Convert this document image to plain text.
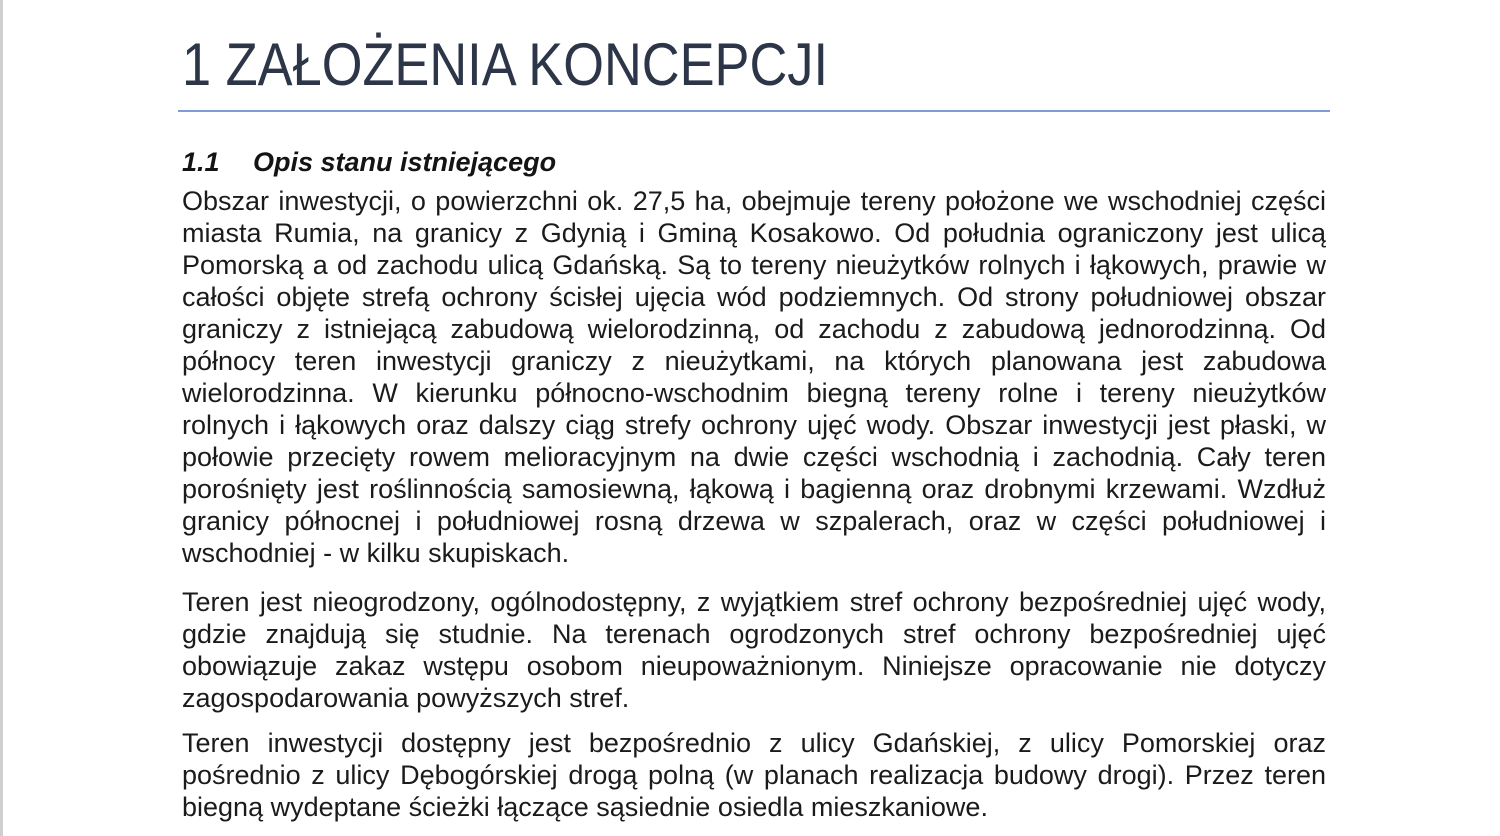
1 ZAŁOŻENIA KONCEPCJI
1.1 Opis stanu istniejącego
Obszar inwestycji, o powierzchni ok. 27,5 ha, obejmuje tereny położone we wschodniej części
miasta Rumia, na granicy z Gdynią i Gminą Kosakowo. Od południa ograniczony jest ulicą
Pomorską a od zachodu ulicą Gdańską. Są to tereny nieużytków rolnych i łąkowych, prawie w
całości objęte strefą ochrony ścisłej ujęcia wód podziemnych. Od strony południowej obszar
graniczy z istniejącą zabudową wielorodzinną, od zachodu z zabudową jednorodzinną. Od
północy teren inwestycji graniczy z nieużytkami, na których planowana jest zabudowa
wielorodzinna. W kierunku północno-wschodnim biegną tereny rolne i tereny nieużytków
rolnych i łąkowych oraz dalszy ciąg strefy ochrony ujęć wody. Obszar inwestycji jest płaski, w
połowie przecięty rowem melioracyjnym na dwie części wschodnią i zachodnią. Cały teren
porośnięty jest roślinnością samosiewną, łąkową i bagienną oraz drobnymi krzewami. Wzdłuż
granicy północnej i południowej rosną drzewa w szpalerach, oraz w części południowej i
wschodniej - w kilku skupiskach.
Teren jest nieogrodzony, ogólnodostępny, z wyjątkiem stref ochrony bezpośredniej ujęć wody,
gdzie znajdują się studnie. Na terenach ogrodzonych stref ochrony bezpośredniej ujęć
obowiązuje zakaz wstępu osobom nieupoważnionym. Niniejsze opracowanie nie dotyczy
zagospodarowania powyższych stref.
Teren inwestycji dostępny jest bezpośrednio z ulicy Gdańskiej, z ulicy Pomorskiej oraz
pośrednio z ulicy Dębogórskiej drogą polną (w planach realizacja budowy drogi). Przez teren
biegną wydeptane ścieżki łączące sąsiednie osiedla mieszkaniowe.
